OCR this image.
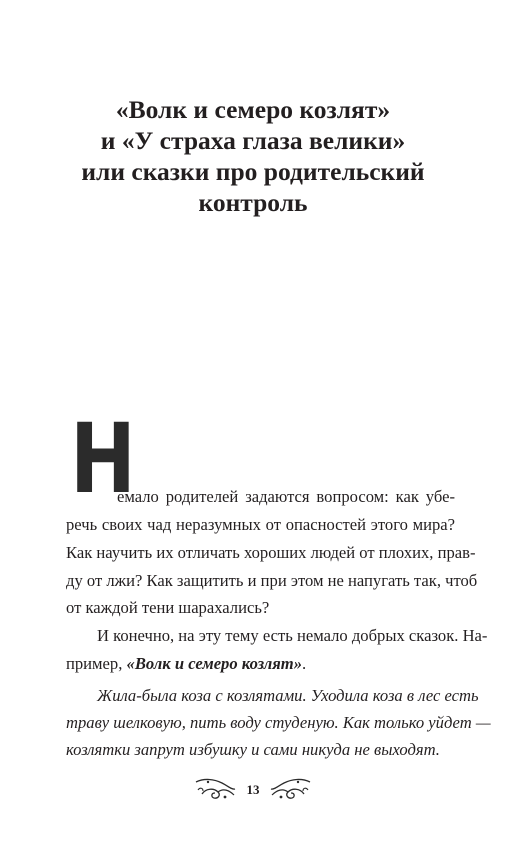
«Волк и семеро козлят»
и «У страха глаза велики»
или сказки про родительский
контроль
Н

емало родителей задаются вопросом: как убе-

речь своих чад неразумных от опасностей этого мира?

Как научить их отличать хороших людей от плохих, прав-

ду от лжи? Как защитить и при этом не напугать так, чтоб

от каждой тени шарахались?

И конечно, на эту тему есть немало добрых сказок. На-

пример, «Волк и семеро козлят».

Жила-была коза с козлятами. Уходила коза в лес есть

траву шелковую, пить воду студеную. Как только уйдет —

козлятки запрут избушку и сами никуда не выходят.

13
